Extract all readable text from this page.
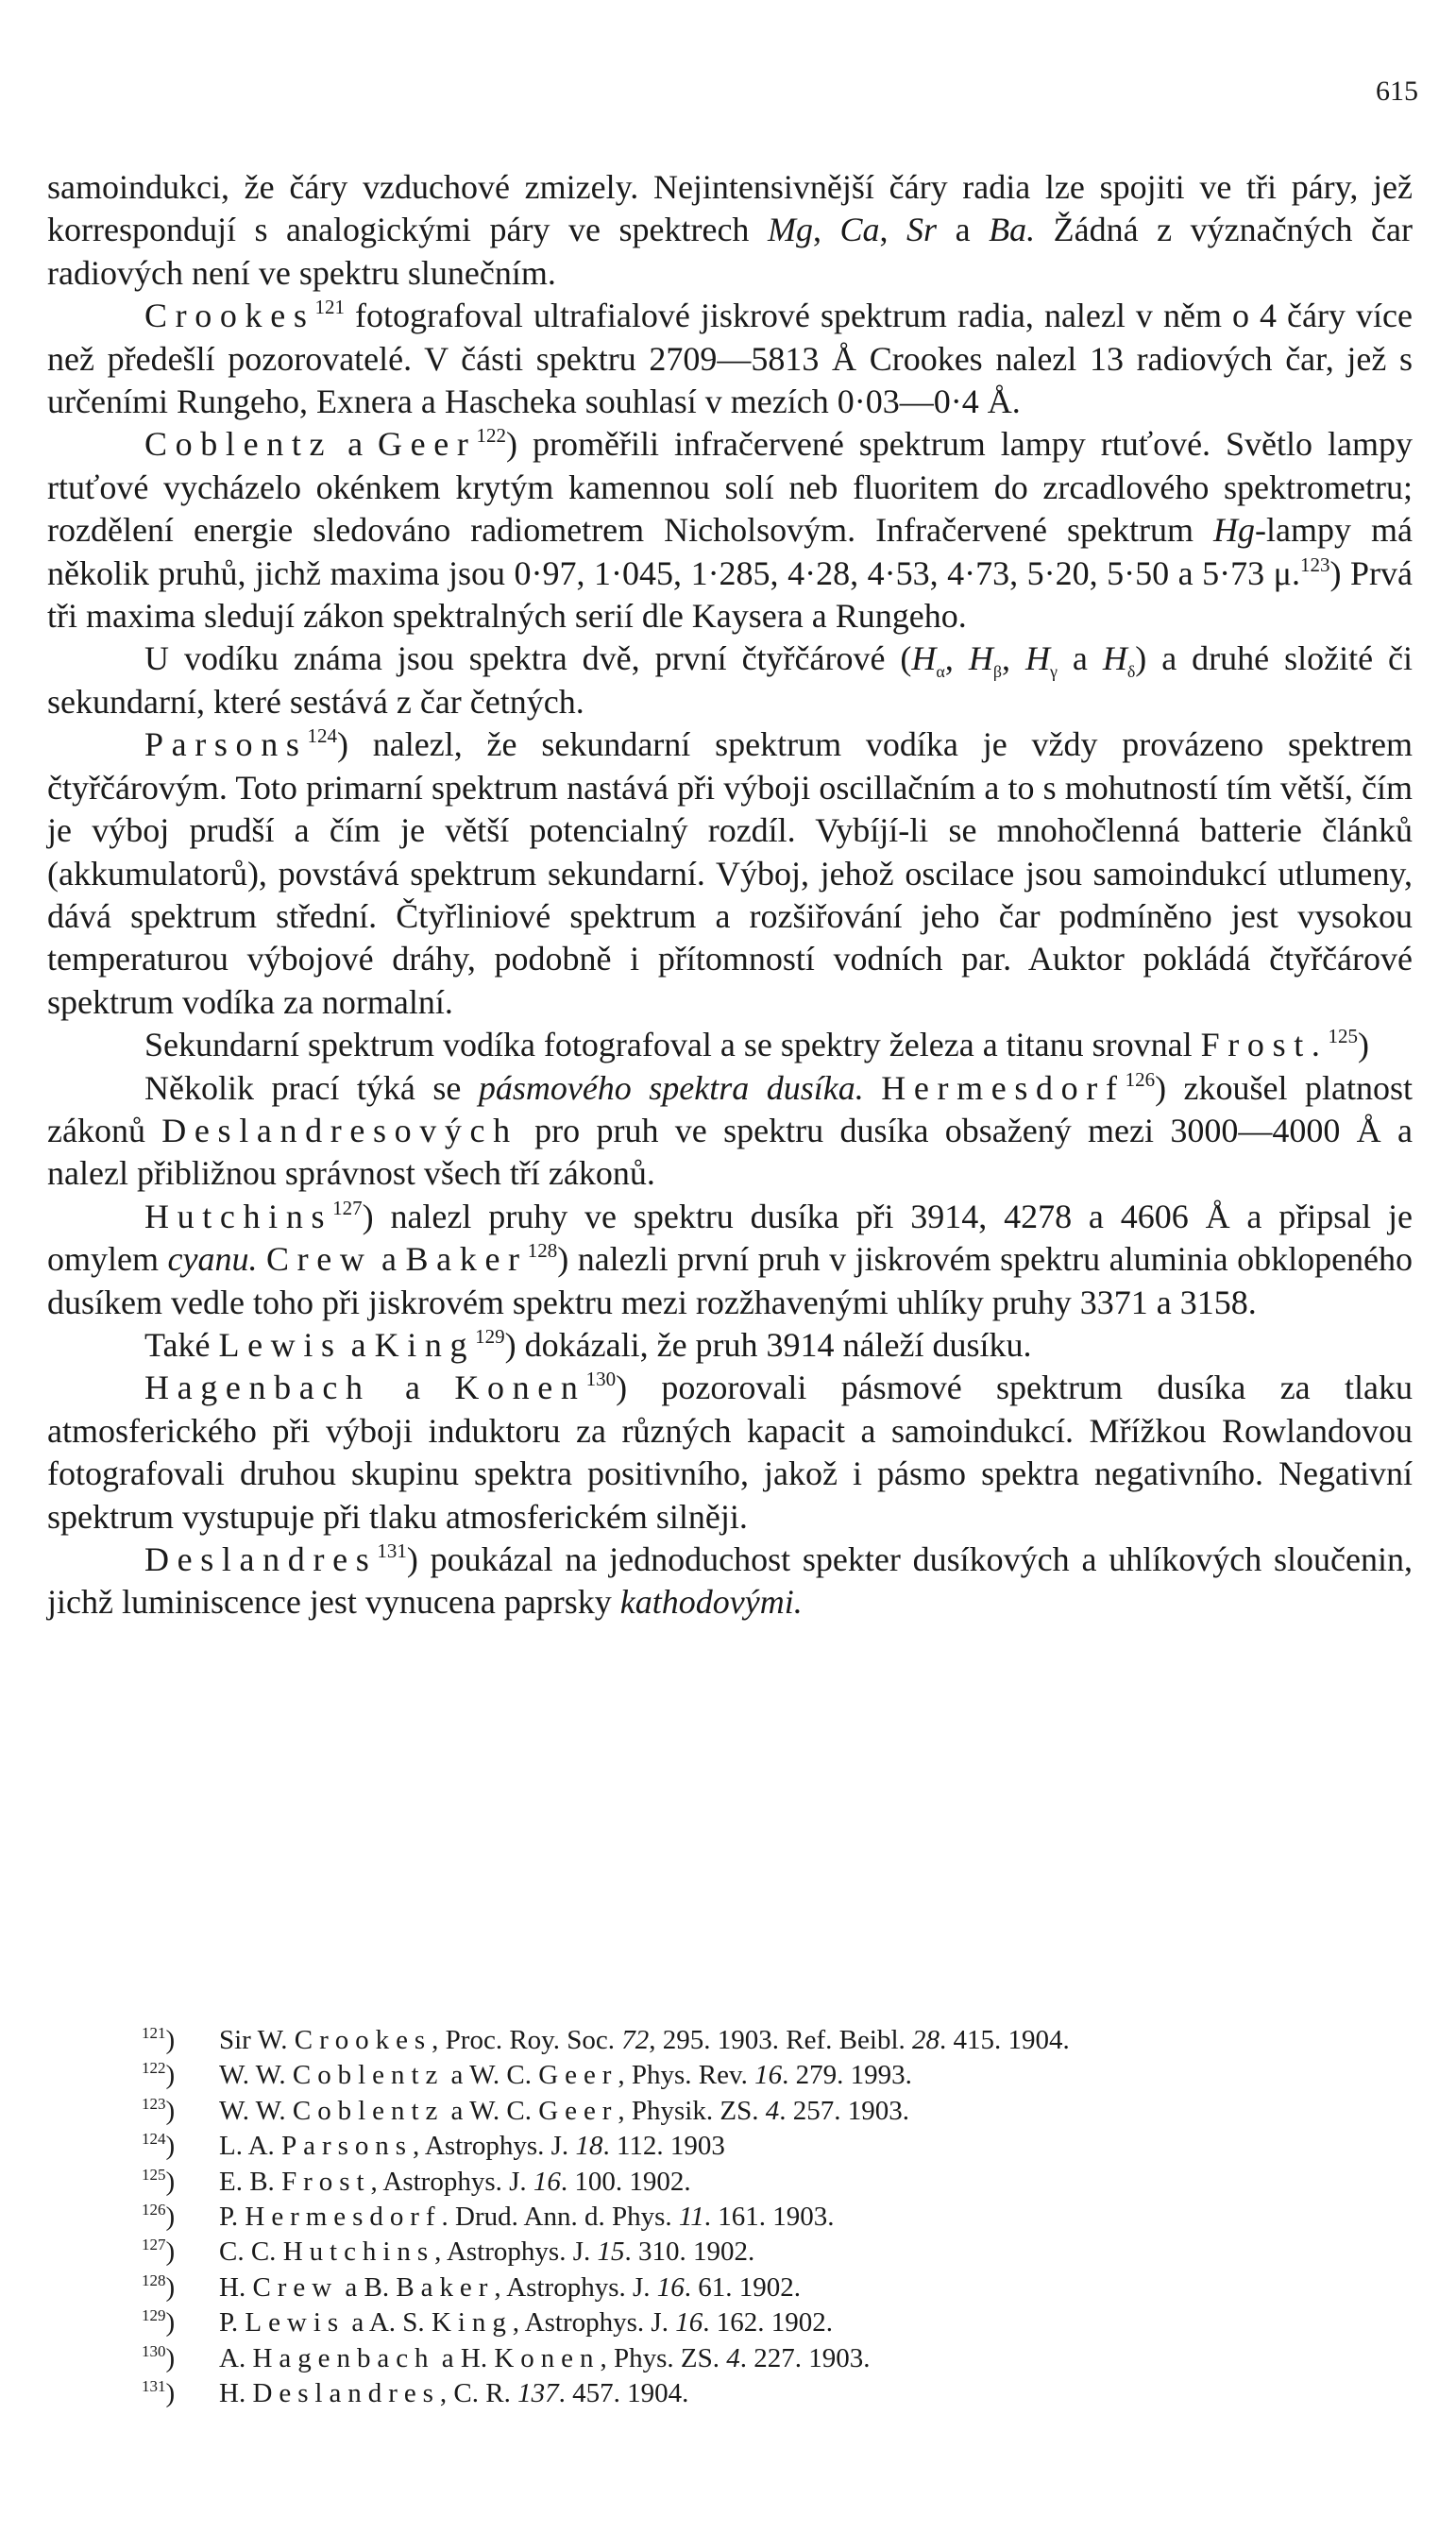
615

samoindukci, že čáry vzduchové zmizely. Nejintensivnější čáry radia lze spojiti ve tři páry, jež korrespondují s analogickými páry ve spektrech Mg, Ca, Sr a Ba. Žádná z význačných čar radiových není ve spektru slunečním.

Crookes$^{121}$ fotografoval ultrafialové jiskrové spektrum radia, nalezl v něm o 4 čáry více než předešlí pozorovatelé. V části spektru 2709—5813 Å Crookes nalezl 13 radiových čar, jež s určeními Rungeho, Exnera a Hascheka souhlasí v mezích 0·03—0·4 Å.

Coblentz a Geer$^{122}$) proměřili infračervené spektrum lampy rtuťové. Světlo lampy rtuťové vycházelo okénkem krytým kamennou solí neb fluoritem do zrcadlového spektrometru; rozdělení energie sledováno radiometrem Nicholsovým. Infračervené spektrum Hg-lampy má několik pruhů, jichž maxima jsou 0·97, 1·045, 1·285, 4·28, 4·53, 4·73, 5·20, 5·50 a 5·73 μ.$^{123}$) Prvá tři maxima sledují zákon spektralných serií dle Kaysera a Rungeho.

U vodíku známa jsou spektra dvě, první čtyřčárové ($H_\alpha$, $H_\beta$, $H_\gamma$ a $H_\delta$) a druhé složité či sekundarní, které sestává z čar četných.

Parsons$^{124}$) nalezl, že sekundarní spektrum vodíka je vždy provázeno spektrem čtyřčárovým. Toto primarní spektrum nastává při výboji oscillačním a to s mohutností tím větší, čím je výboj prudší a čím je větší potencialný rozdíl. Vybíjí-li se mnohočlenná batterie článků (akkumulatorů), povstává spektrum sekundarní. Výboj, jehož oscilace jsou samoindukcí utlumeny, dává spektrum střední. Čtyřliniové spektrum a rozšiřování jeho čar podmíněno jest vysokou temperaturou výbojové dráhy, podobně i přítomností vodních par. Auktor pokládá čtyřčárové spektrum vodíka za normalní.

Sekundarní spektrum vodíka fotografoval a se spektry železa a titanu srovnal Frost.$^{125}$)

Několik prací týká se pásmového spektra dusíka. Hermesdorf$^{126}$) zkoušel platnost zákonů Deslandresových pro pruh ve spektru dusíka obsažený mezi 3000—4000 Å a nalezl přibližnou správnost všech tří zákonů.

Hutchins$^{127}$) nalezl pruhy ve spektru dusíka při 3914, 4278 a 4606 Å a připsal je omylem cyanu. Crew a Baker$^{128}$) nalezli první pruh v jiskrovém spektru aluminia obklopeného dusíkem vedle toho při jiskrovém spektru mezi rozžhavenými uhlíky pruhy 3371 a 3158.

Také Lewis a King$^{129}$) dokázali, že pruh 3914 náleží dusíku.

Hagenbach a Konen$^{130}$) pozorovali pásmové spektrum dusíka za tlaku atmosferického při výboji induktoru za různých kapacit a samoindukcí. Mřížkou Rowlandovou fotografovali druhou skupinu spektra positivního, jakož i pásmo spektra negativního. Negativní spektrum vystupuje při tlaku atmosferickém silněji.

Deslandres$^{131}$) poukázal na jednoduchost spekter dusíkových a uhlíkových sloučenin, jichž luminiscence jest vynucena paprsky kathodovými.

$^{121}$) Sir W. Crookes, Proc. Roy. Soc. 72, 295. 1903. Ref. Beibl. 28. 415. 1904.
$^{122}$) W. W. Coblentz a W. C. Geer, Phys. Rev. 16. 279. 1993.
$^{123}$) W. W. Coblentz a W. C. Geer, Physik. ZS. 4. 257. 1903.
$^{124}$) L. A. Parsons, Astrophys. J. 18. 112. 1903
$^{125}$) E. B. Frost, Astrophys. J. 16. 100. 1902.
$^{126}$) P. Hermesdorf. Drud. Ann. d. Phys. 11. 161. 1903.
$^{127}$) C. C. Hutchins, Astrophys. J. 15. 310. 1902.
$^{128}$) H. Crew a B. Baker, Astrophys. J. 16. 61. 1902.
$^{129}$) P. Lewis a A. S. King, Astrophys. J. 16. 162. 1902.
$^{130}$) A. Hagenbach a H. Konen, Phys. ZS. 4. 227. 1903.
$^{131}$) H. Deslandres, C. R. 137. 457. 1904.
